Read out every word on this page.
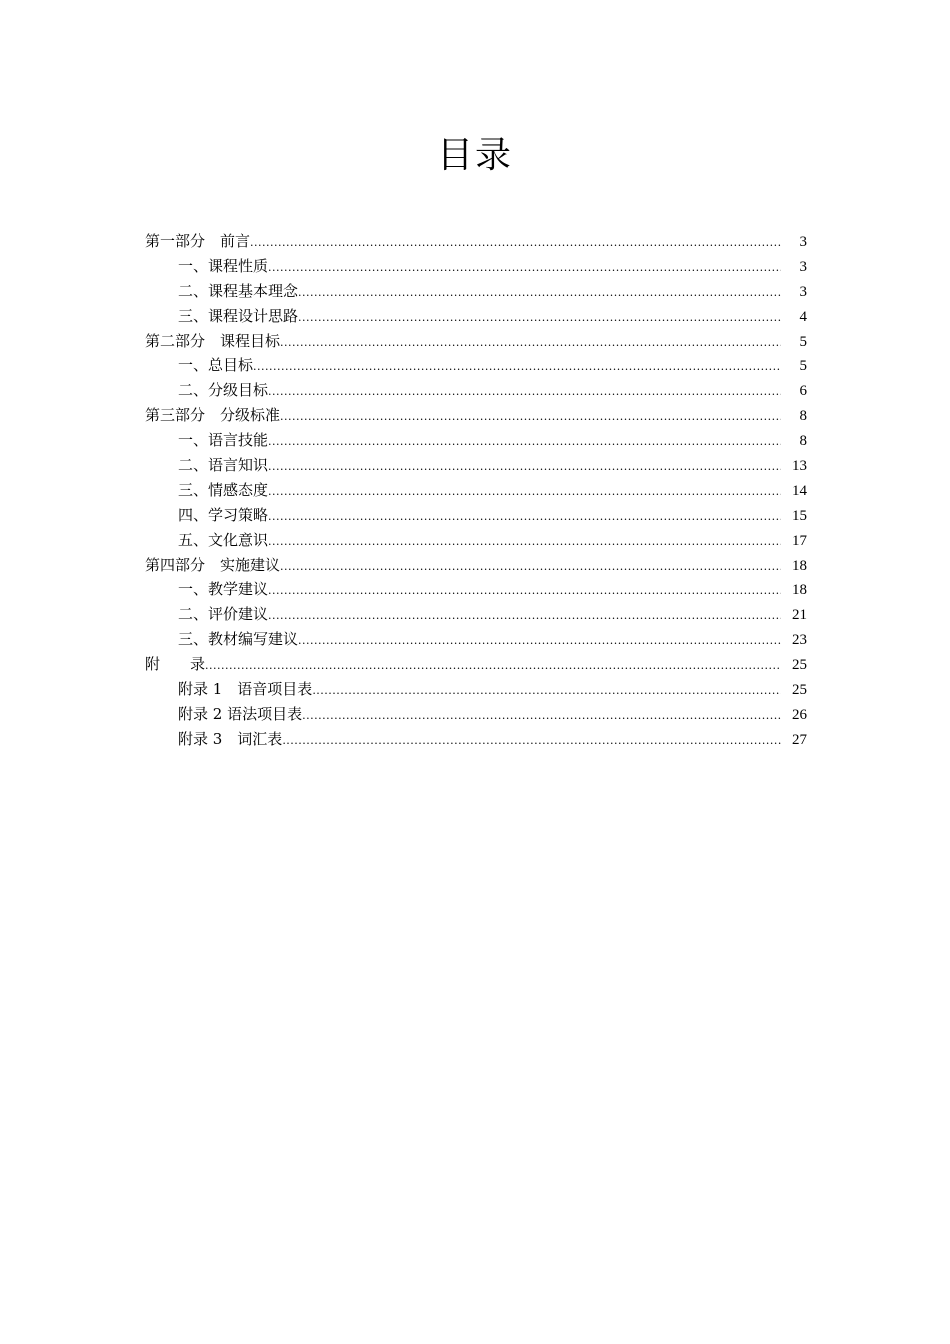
目录
第一部分　前言 .....	3
一、课程性质 .....	3
二、课程基本理念 .....	3
三、课程设计思路 .....	4
第二部分　课程目标 .....	5
一、总目标 .....	5
二、分级目标 .....	6
第三部分　分级标准 .....	8
一、语言技能 .....	8
二、语言知识 .....	13
三、情感态度 .....	14
四、学习策略 .....	15
五、文化意识 .....	17
第四部分　实施建议 .....	18
一、教学建议 .....	18
二、评价建议 .....	21
三、教材编写建议 .....	23
附　　录 .....	25
附录 1　语音项目表 .....	25
附录 2 语法项目表 .....	26
附录 3　词汇表 .....	27
